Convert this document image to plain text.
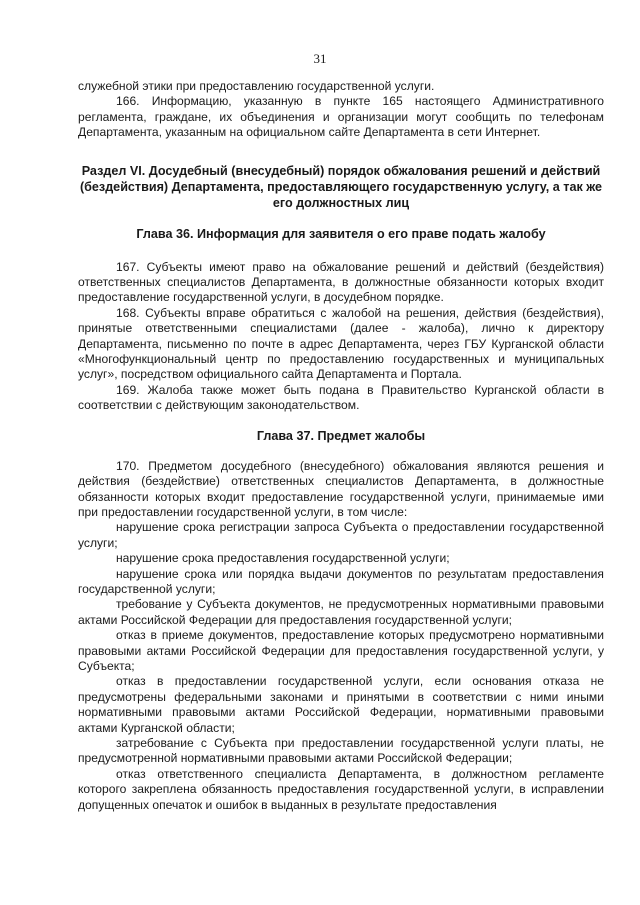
31

служебной этики при предоставлению государственной услуги.

166. Информацию, указанную в пункте 165 настоящего Административного регламента, граждане, их объединения и организации могут сообщить по телефонам Департамента, указанным на официальном сайте Департамента в сети Интернет.

Раздел VI. Досудебный (внесудебный) порядок обжалования решений и действий (бездействия) Департамента, предоставляющего государственную услугу, а так же его должностных лиц
Глава 36. Информация для заявителя о его праве подать жалобу

167. Субъекты имеют право на обжалование решений и действий (бездействия) ответственных специалистов Департамента, в должностные обязанности которых входит предоставление государственной услуги, в досудебном порядке.

168. Субъекты вправе обратиться с жалобой на решения, действия (бездействия), принятые ответственными специалистами (далее - жалоба), лично к директору Департамента, письменно по почте в адрес Департамента, через ГБУ Курганской области «Многофункциональный центр по предоставлению государственных и муниципальных услуг», посредством официального сайта Департамента и Портала.

169. Жалоба также может быть подана в Правительство Курганской области в соответствии с действующим законодательством.

Глава 37. Предмет жалобы

170. Предметом досудебного (внесудебного) обжалования являются решения и действия (бездействие) ответственных специалистов Департамента, в должностные обязанности которых входит предоставление государственной услуги, принимаемые ими при предоставлении государственной услуги, в том числе:

нарушение срока регистрации запроса Субъекта о предоставлении государственной услуги;

нарушение срока предоставления государственной услуги;

нарушение срока или порядка выдачи документов по результатам предоставления государственной услуги;

требование у Субъекта документов, не предусмотренных нормативными правовыми актами Российской Федерации для предоставления государственной услуги;

отказ в приеме документов, предоставление которых предусмотрено нормативными правовыми актами Российской Федерации для предоставления государственной услуги, у Субъекта;

отказ в предоставлении государственной услуги, если основания отказа не предусмотрены федеральными законами и принятыми в соответствии с ними иными нормативными правовыми актами Российской Федерации, нормативными правовыми актами Курганской области;

затребование с Субъекта при предоставлении государственной услуги платы, не предусмотренной нормативными правовыми актами Российской Федерации;

отказ ответственного специалиста Департамента, в должностном регламенте которого закреплена обязанность предоставления государственной услуги, в исправлении допущенных опечаток и ошибок в выданных в результате предоставления
